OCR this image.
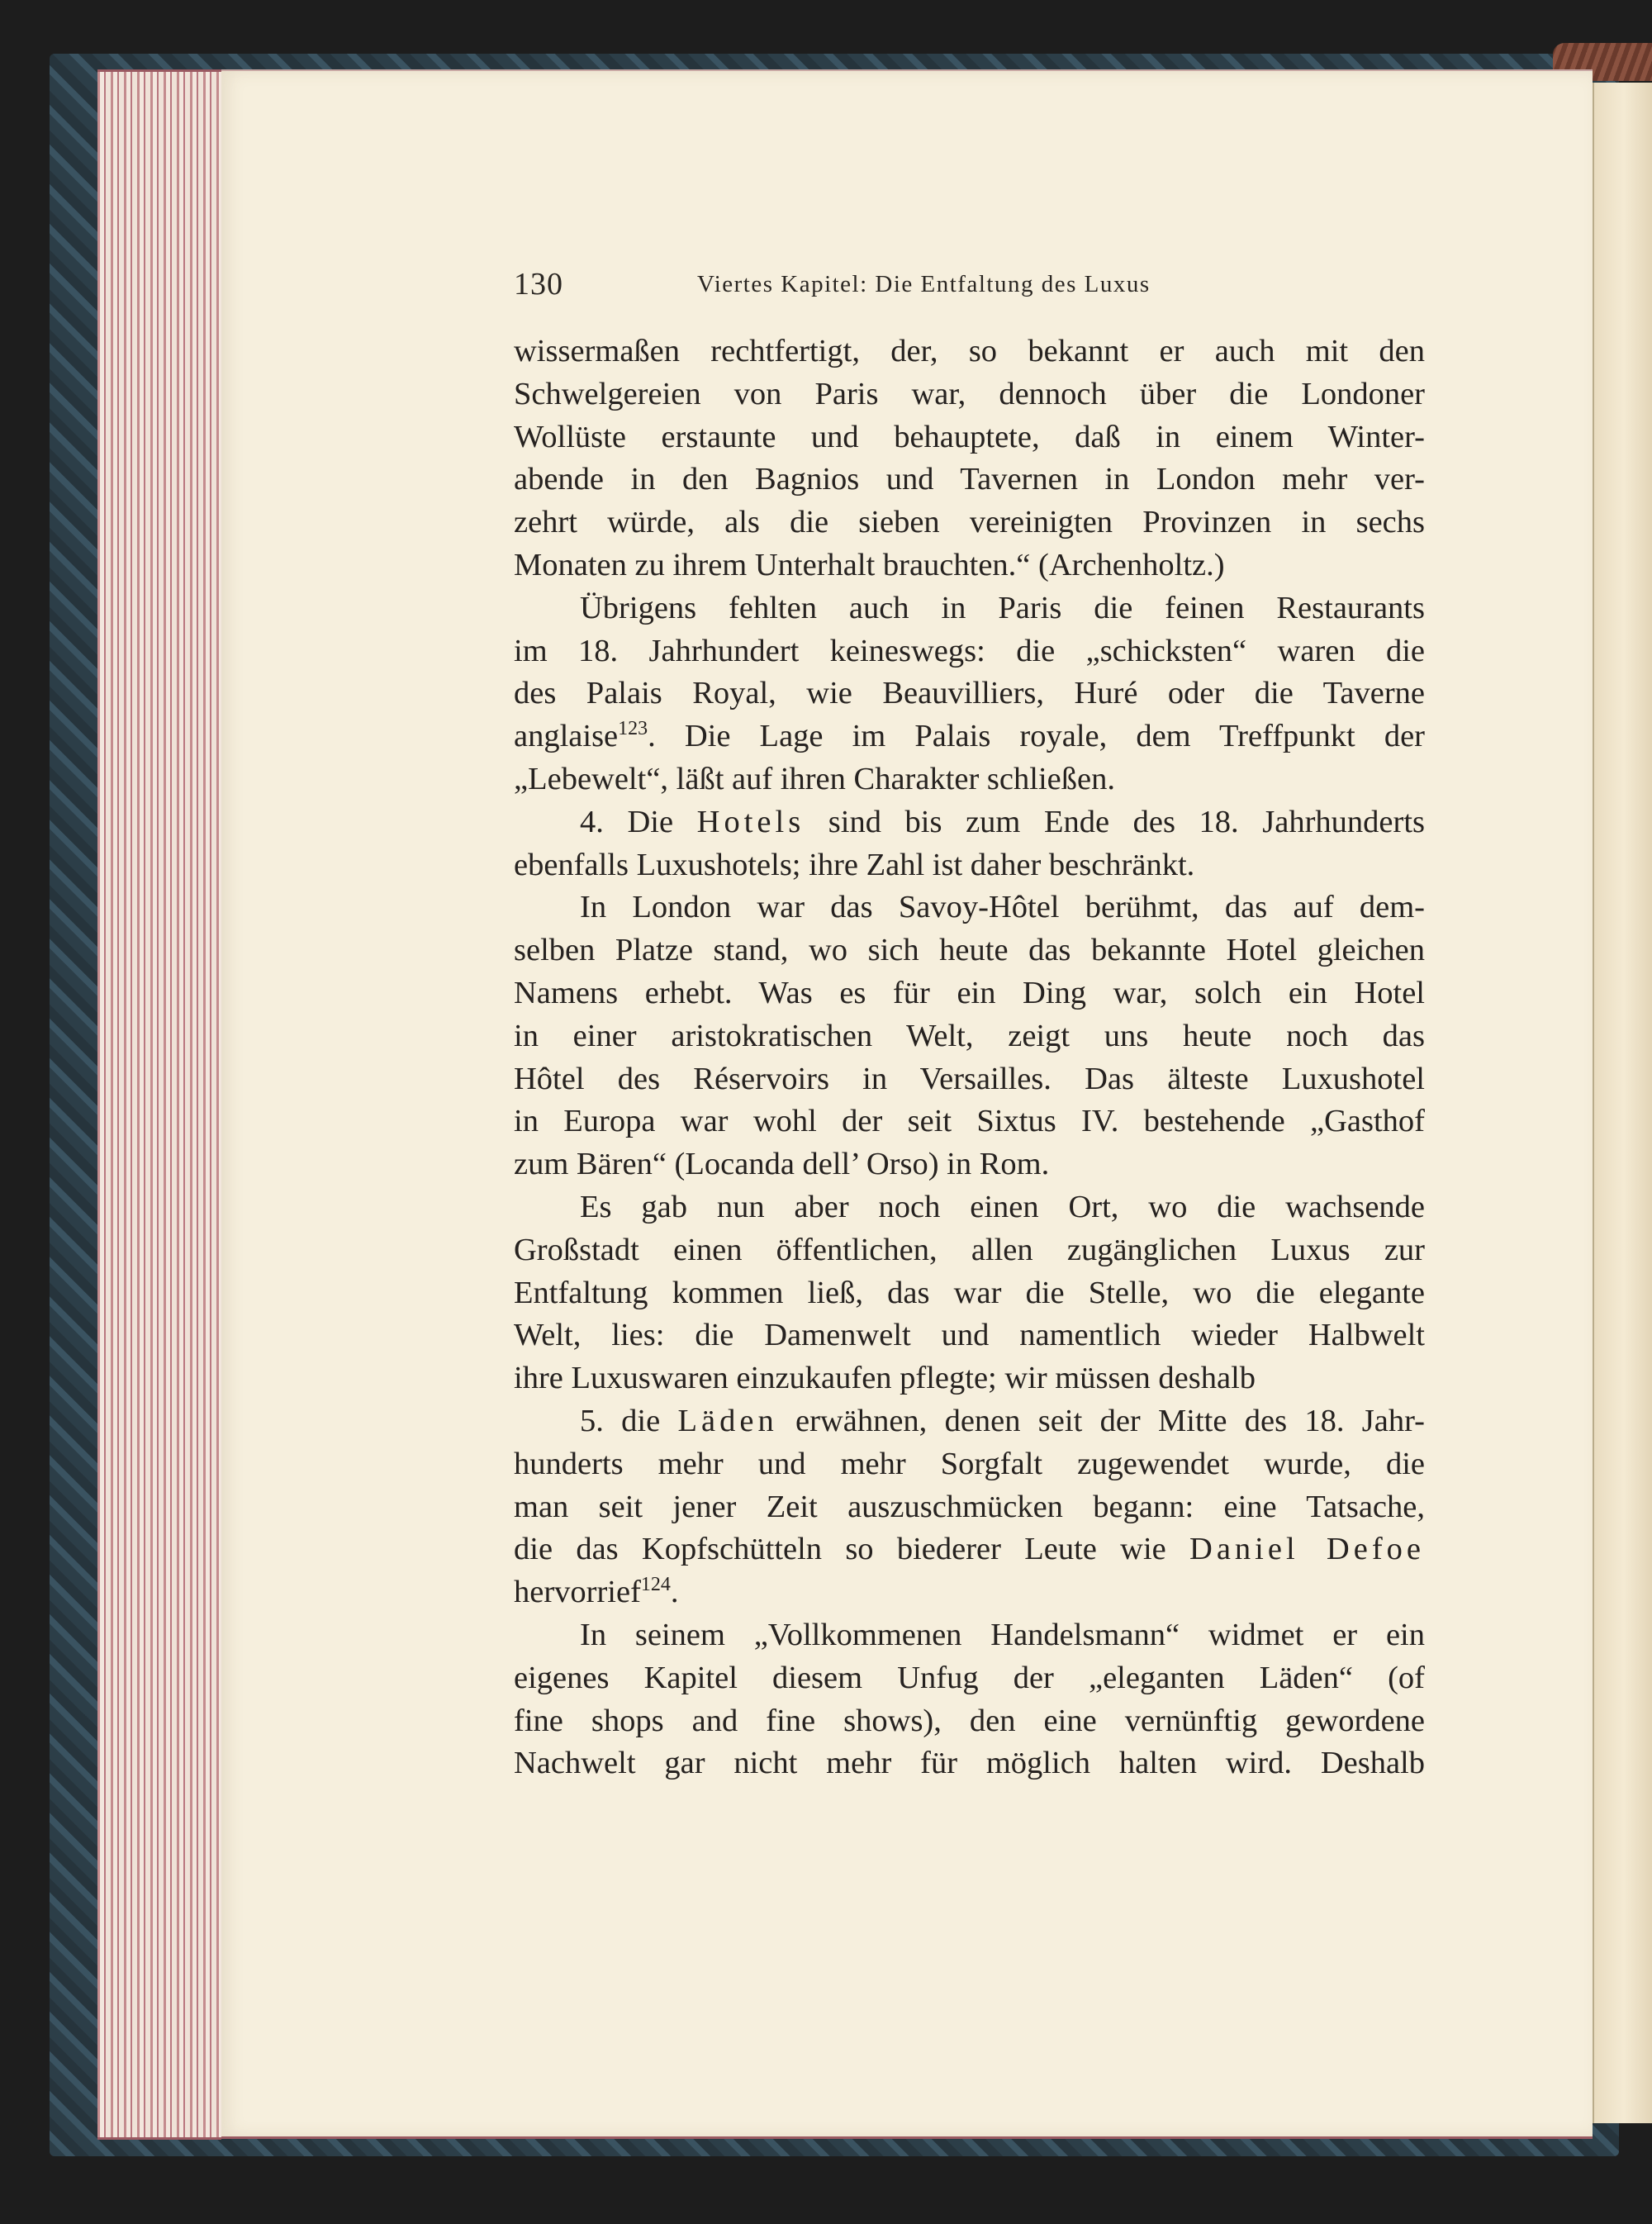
130	Viertes Kapitel: Die Entfaltung des Luxus
wissermaßen rechtfertigt, der, so bekannt er auch mit den
Schwelgereien von Paris war, dennoch über die Londoner
Wollüste erstaunte und behauptete, daß in einem Winter-
abende in den Bagnios und Tavernen in London mehr ver-
zehrt würde, als die sieben vereinigten Provinzen in sechs
Monaten zu ihrem Unterhalt brauchten.“ (Archenholtz.)
Übrigens fehlten auch in Paris die feinen Restaurants
im 18. Jahrhundert keineswegs: die „schicksten“ waren die
des Palais Royal, wie Beauvilliers, Huré oder die Taverne
anglaise$^{123}$. Die Lage im Palais royale, dem Treffpunkt der
„Lebewelt“, läßt auf ihren Charakter schließen.
4. Die Hotels sind bis zum Ende des 18. Jahrhunderts
ebenfalls Luxushotels; ihre Zahl ist daher beschränkt.
In London war das Savoy-Hôtel berühmt, das auf dem-
selben Platze stand, wo sich heute das bekannte Hotel gleichen
Namens erhebt. Was es für ein Ding war, solch ein Hotel
in einer aristokratischen Welt, zeigt uns heute noch das
Hôtel des Réservoirs in Versailles. Das älteste Luxushotel
in Europa war wohl der seit Sixtus IV. bestehende „Gasthof
zum Bären“ (Locanda dell’ Orso) in Rom.
Es gab nun aber noch einen Ort, wo die wachsende
Großstadt einen öffentlichen, allen zugänglichen Luxus zur
Entfaltung kommen ließ, das war die Stelle, wo die elegante
Welt, lies: die Damenwelt und namentlich wieder Halbwelt
ihre Luxuswaren einzukaufen pflegte; wir müssen deshalb
5. die Läden erwähnen, denen seit der Mitte des 18. Jahr-
hunderts mehr und mehr Sorgfalt zugewendet wurde, die
man seit jener Zeit auszuschmücken begann: eine Tatsache,
die das Kopfschütteln so biederer Leute wie Daniel Defoe
hervorrief$^{124}$.
In seinem „Vollkommenen Handelsmann“ widmet er ein
eigenes Kapitel diesem Unfug der „eleganten Läden“ (of
fine shops and fine shows), den eine vernünftig gewordene
Nachwelt gar nicht mehr für möglich halten wird. Deshalb
